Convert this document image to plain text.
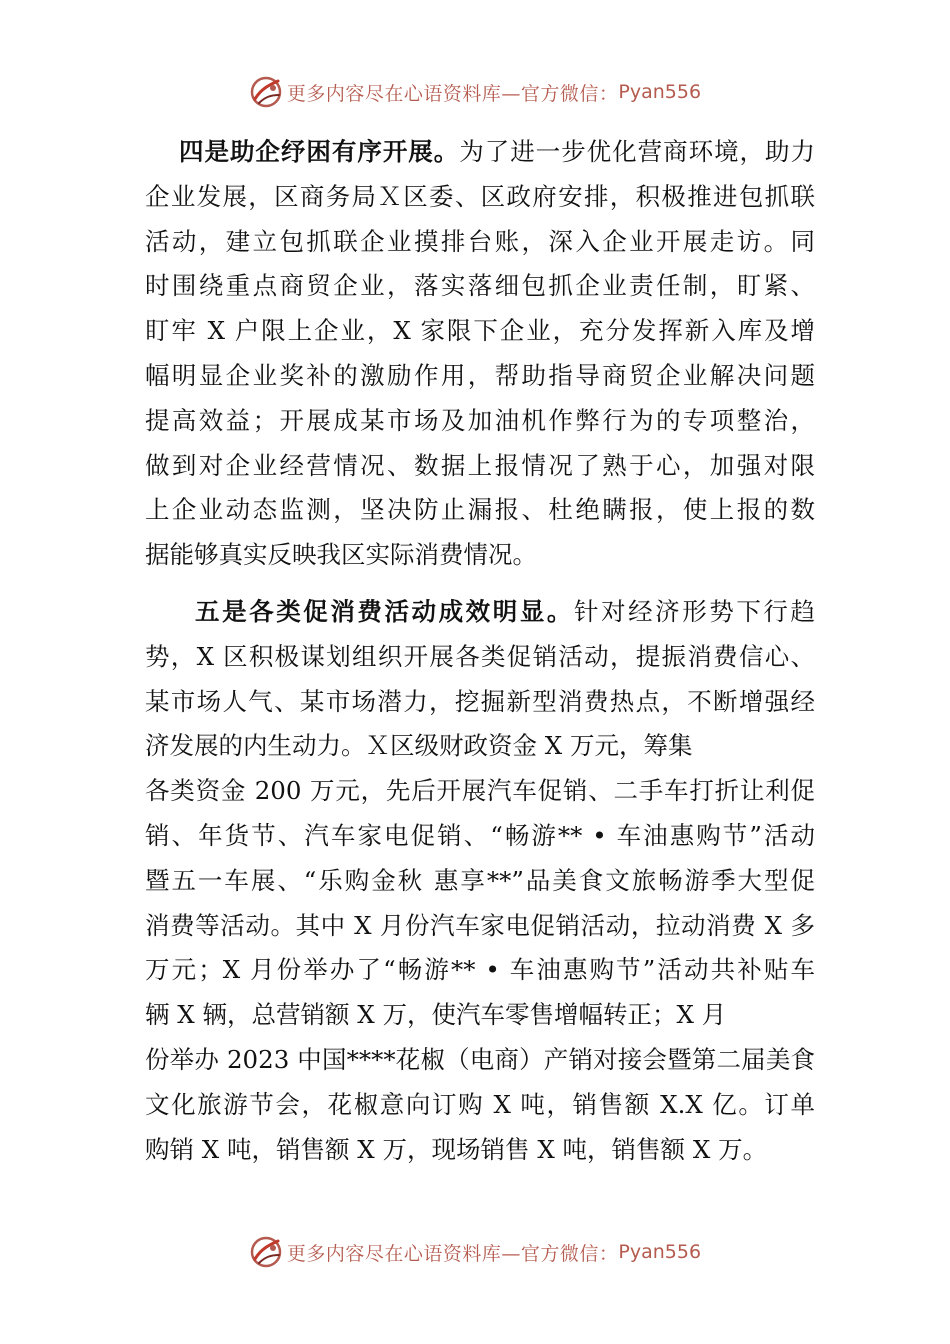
更多内容尽在心语资料库—官方微信： Pyan556
四是助企纾困有序开展。为了进一步优化营商环境，助力
企业发展，区商务局Ｘ区委、区政府安排，积极推进包抓联
活动，建立包抓联企业摸排台账，深入企业开展走访。同
时围绕重点商贸企业，落实落细包抓企业责任制，盯紧、
盯牢 X 户限上企业，X 家限下企业，充分发挥新入库及增
幅明显企业奖补的激励作用，帮助指导商贸企业解决问题
提高效益；开展成某市场及加油机作弊行为的专项整治，
做到对企业经营情况、数据上报情况了熟于心，加强对限
上企业动态监测，坚决防止漏报、杜绝瞒报，使上报的数
据能够真实反映我区实际消费情况。
五是各类促消费活动成效明显。针对经济形势下行趋
势，X 区积极谋划组织开展各类促销活动，提振消费信心、
某市场人气、某市场潜力，挖掘新型消费热点，不断增强经
济发展的内生动力。Ｘ区级财政资金 X 万元，筹集
各类资金 200 万元，先后开展汽车促销、二手车打折让利促
销、年货节、汽车家电促销、“畅游** • 车油惠购节”活动
暨五一车展、“乐购金秋 惠享**”品美食文旅畅游季大型促
消费等活动。其中 X 月份汽车家电促销活动，拉动消费 X 多
万元；X 月份举办了“畅游** • 车油惠购节”活动共补贴车
辆 X 辆，总营销额 X 万，使汽车零售增幅转正；X 月
份举办 2023 中国****花椒（电商）产销对接会暨第二届美食
文化旅游节会，花椒意向订购 X 吨，销售额 X.X 亿。订单
购销 X 吨，销售额 X 万，现场销售 X 吨，销售额 X 万。
更多内容尽在心语资料库—官方微信： Pyan556
